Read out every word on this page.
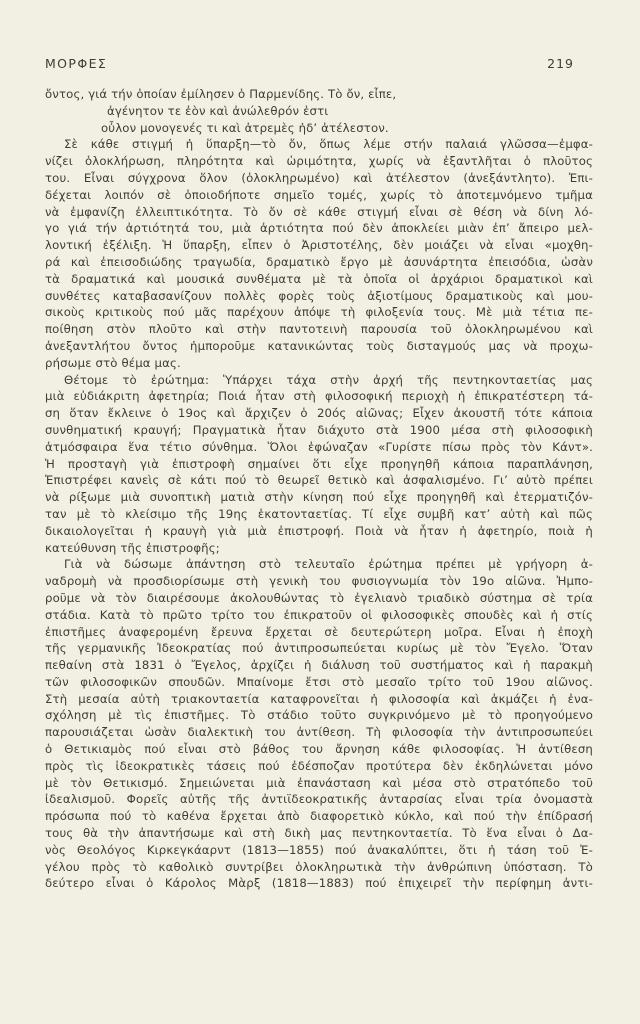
ΜΟΡΦΕΣ	219
ὄντος, γιά τήν ὁποίαν ἐμίλησεν ὁ Παρμενίδης. Τὸ ὄν, εἶπε,
ἀγένητον τε ἐὸν καὶ ἀνώλεθρόν ἐστι
οὖλον μονογενές τι καὶ ἀτρεμὲς ἠδ’ ἀτέλεστον.
Σὲ κάθε στιγμή ἡ ὕπαρξη—τὸ ὄν, ὅπως λέμε στήν παλαιά γλῶσσα—ἐμφα-
νίζει ὁλοκλήρωση, πληρότητα καὶ ὡριμότητα, χωρίς νὰ ἐξαντλῆται ὁ πλοῦτος
του. Εἶναι σύγχρονα ὅλον (ὁλοκληρωμένο) καὶ ἀτέλεστον (ἀνεξάντλητο). Ἐπι-
δέχεται λοιπόν σὲ ὁποιοδήποτε σημεῖο τομές, χωρίς τὸ ἀποτεμνόμενο τμῆμα
νὰ ἐμφανίζη ἐλλειπτικότητα. Τὸ ὄν σὲ κάθε στιγμή εἶναι σὲ θέση νὰ δίνη λό-
γο γιά τήν ἀρτιότητά του, μιὰ ἀρτιότητα πού δὲν ἀποκλείει μιὰν ἐπ’ ἄπειρο μελ-
λοντική ἐξέλιξη. Ἡ ὕπαρξη, εἶπεν ὁ Ἀριστοτέλης, δὲν μοιάζει νὰ εἶναι «μοχθη-
ρά καὶ ἐπεισοδιώδης τραγωδία, δραματικὸ ἔργο μὲ ἀσυνάρτητα ἐπεισόδια, ὡσὰν
τὰ δραματικά καὶ μουσικά συνθέματα μὲ τὰ ὁποῖα οἱ ἀρχάριοι δραματικοὶ καὶ
συνθέτες καταβασανίζουν πολλὲς φορὲς τοὺς ἀξιοτίμους δραματικοὺς καὶ μου-
σικοὺς κριτικοὺς πού μᾶς παρέχουν ἀπόψε τὴ φιλοξενία τους. Μὲ μιὰ τέτια πε-
ποίθηση στὸν πλοῦτο καὶ στὴν παντοτεινὴ παρουσία τοῦ ὁλοκληρωμένου καὶ
ἀνεξαντλήτου ὄντος ἠμποροῦμε κατανικώντας τοὺς δισταγμούς μας νὰ προχω-
ρήσωμε στὸ θέμα μας.
Θέτομε τὸ ἐρώτημα: Ὑπάρχει τάχα στὴν ἀρχή τῆς πεντηκονταετίας μας
μιὰ εὐδιάκριτη ἀφετηρία; Ποιά ἦταν στὴ φιλοσοφική περιοχὴ ἡ ἐπικρατέστερη τά-
ση ὅταν ἔκλεινε ὁ 19ος καὶ ἄρχιζεν ὁ 20ός αἰῶνας; Εἶχεν ἀκουστῆ τότε κάποια
συνθηματική κραυγή; Πραγματικὰ ἦταν διάχυτο στὰ 1900 μέσα στὴ φιλοσοφικὴ
ἀτμόσφαιρα ἕνα τέτιο σύνθημα. Ὅλοι ἐφώναζαν «Γυρίστε πίσω πρὸς τὸν Κάντ».
Ἡ προσταγὴ γιὰ ἐπιστροφὴ σημαίνει ὅτι εἶχε προηγηθῆ κάποια παραπλάνηση,
Ἐπιστρέφει κανεὶς σὲ κάτι πού τὸ θεωρεῖ θετικὸ καὶ ἀσφαλισμένο. Γι’ αὐτὸ πρέπει
νὰ ρίξωμε μιὰ συνοπτικὴ ματιὰ στὴν κίνηση πού εἶχε προηγηθῆ καὶ ἐτερματιζόν-
ταν μὲ τὸ κλείσιμο τῆς 19ης ἑκατονταετίας. Τί εἶχε συμβῆ κατ’ αὐτὴ καὶ πῶς
δικαιολογεῖται ἡ κραυγὴ γιὰ μιὰ ἐπιστροφή. Ποιὰ νὰ ἦταν ἡ ἀφετηρίο, ποιὰ ἡ
κατεύθυνση τῆς ἐπιστροφῆς;
Γιὰ νὰ δώσωμε ἀπάντηση στὸ τελευταῖο ἐρώτημα πρέπει μὲ γρήγορη ἀ-
ναδρομὴ νὰ προσδιορίσωμε στὴ γενικὴ του φυσιογνωμία τὸν 19ο αἰῶνα. Ἠμπο-
ροῦμε νὰ τὸν διαιρέσουμε ἀκολουθώντας τὸ ἐγελιανὸ τριαδικὸ σύστημα σὲ τρία
στάδια. Κατὰ τὸ πρῶτο τρίτο του ἐπικρατοῦν οἱ φιλοσοφικὲς σπουδὲς καὶ ἡ στίς
ἐπιστῆμες ἀναφερομένη ἔρευνα ἔρχεται σὲ δευτερώτερη μοῖρα. Εἶναι ἡ ἐποχὴ
τῆς γερμανικῆς Ἰδεοκρατίας πού ἀντιπροσωπεύεται κυρίως μὲ τὸν Ἔγελο. Ὅταν
πεθαίνη στὰ 1831 ὁ Ἔγελος, ἀρχίζει ἡ διάλυση τοῦ συστήματος καὶ ἡ παρακμὴ
τῶν φιλοσοφικῶν σπουδῶν. Μπαίνομε ἔτσι στὸ μεσαῖο τρίτο τοῦ 19ου αἰῶνος.
Στὴ μεσαία αὐτὴ τριακονταετία καταφρονεῖται ἡ φιλοσοφία καὶ ἀκμάζει ἡ ἐνα-
σχόληση μὲ τὶς ἐπιστῆμες. Τὸ στάδιο τοῦτο συγκρινόμενο μὲ τὸ προηγούμενο
παρουσιάζεται ὡσὰν διαλεκτικὴ του ἀντίθεση. Τὴ φιλοσοφία τὴν ἀντιπροσωπεύει
ὁ Θετικιαμὸς πού εἶναι στὸ βάθος του ἄρνηση κάθε φιλοσοφίας. Ἡ ἀντίθεση
πρὸς τὶς ἰδεοκρατικὲς τάσεις πού ἐδέσποζαν προτύτερα δὲν ἐκδηλώνεται μόνο
μὲ τὸν Θετικισμό. Σημειώνεται μιὰ ἐπανάσταση καὶ μέσα στὸ στρατόπεδο τοῦ
ἰδεαλισμοῦ. Φορεῖς αὐτῆς τῆς ἀντιϊδεοκρατικῆς ἀνταρσίας εἶναι τρία ὀνομαστὰ
πρόσωπα πού τὸ καθένα ἔρχεται ἀπὸ διαφορετικὸ κύκλο, καὶ πού τὴν ἐπίδρασή
τους θὰ τὴν ἀπαντήσωμε καὶ στὴ δικὴ μας πεντηκονταετία. Τὸ ἕνα εἶναι ὁ Δα-
νὸς Θεολόγος Κιρκεγκάαρντ (1813—1855) πού ἀνακαλύπτει, ὅτι ἡ τάση τοῦ Ἐ-
γέλου πρὸς τὸ καθολικὸ συντρίβει ὁλοκληρωτικὰ τὴν ἀνθρώπινη ὑπόσταση. Τὸ
δεύτερο εἶναι ὁ Κάρολος Μὰρξ (1818—1883) πού ἐπιχειρεῖ τὴν περίφημη ἀντι-
